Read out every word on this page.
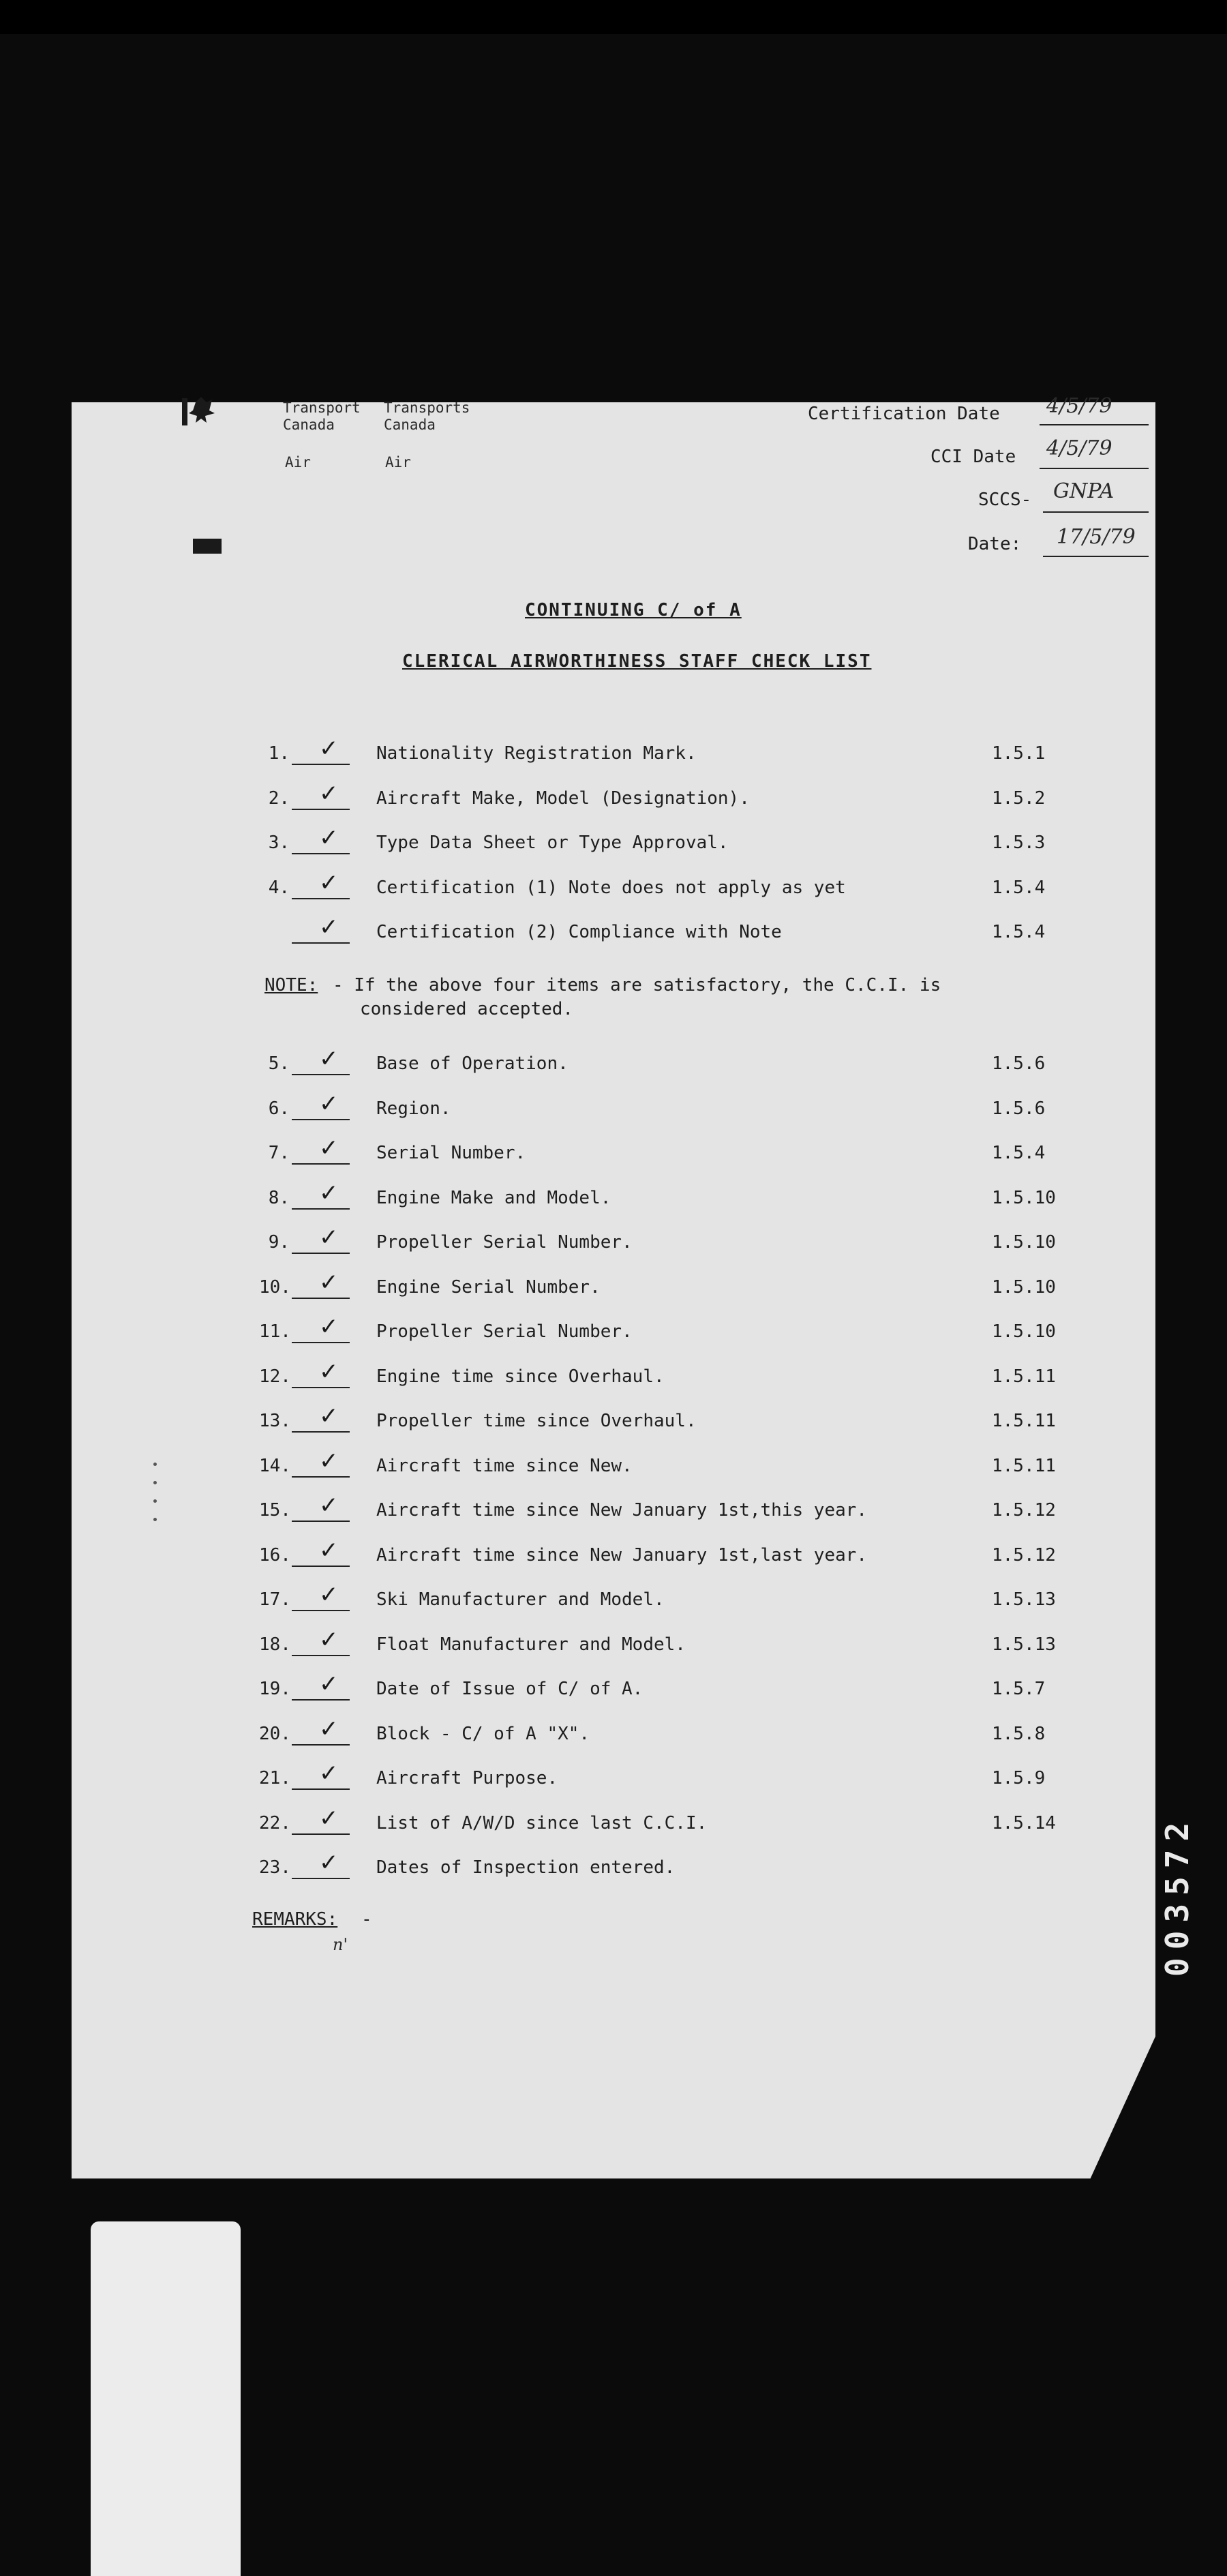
Transport
Canada
Air
Transports
Canada
Air
Certification Date 4/5/79
CCI Date 4/5/79
SCCS- GNPA
Date: 17/5/79
CONTINUING C/ of A
CLERICAL AIRWORTHINESS STAFF CHECK LIST
1. ✓ Nationality Registration Mark.	1.5.1
2. ✓ Aircraft Make, Model (Designation).	1.5.2
3. ✓ Type Data Sheet or Type Approval.	1.5.3
4. ✓ Certification (1) Note does not apply as yet	1.5.4
✓ Certification (2) Compliance with Note	1.5.4
NOTE: - If the above four items are satisfactory, the C.C.I. is
considered accepted.
5. ✓ Base of Operation.	1.5.6
6. ✓ Region.	1.5.6
7. ✓ Serial Number.	1.5.4
8. ✓ Engine Make and Model.	1.5.10
9. ✓ Propeller Serial Number.	1.5.10
10. ✓ Engine Serial Number.	1.5.10
11. ✓ Propeller Serial Number.	1.5.10
12. ✓ Engine time since Overhaul.	1.5.11
13. ✓ Propeller time since Overhaul.	1.5.11
14. ✓ Aircraft time since New.	1.5.11
15. ✓ Aircraft time since New January 1st,this year.	1.5.12
16. ✓ Aircraft time since New January 1st,last year.	1.5.12
17. ✓ Ski Manufacturer and Model.	1.5.13
18. ✓ Float Manufacturer and Model.	1.5.13
19. ✓ Date of Issue of C/ of A.	1.5.7
20. ✓ Block - C/ of A "X".	1.5.8
21. ✓ Aircraft Purpose.	1.5.9
22. ✓ List of A/W/D since last C.C.I.	1.5.14
23. ✓ Dates of Inspection entered.
REMARKS: -
n'	003572
